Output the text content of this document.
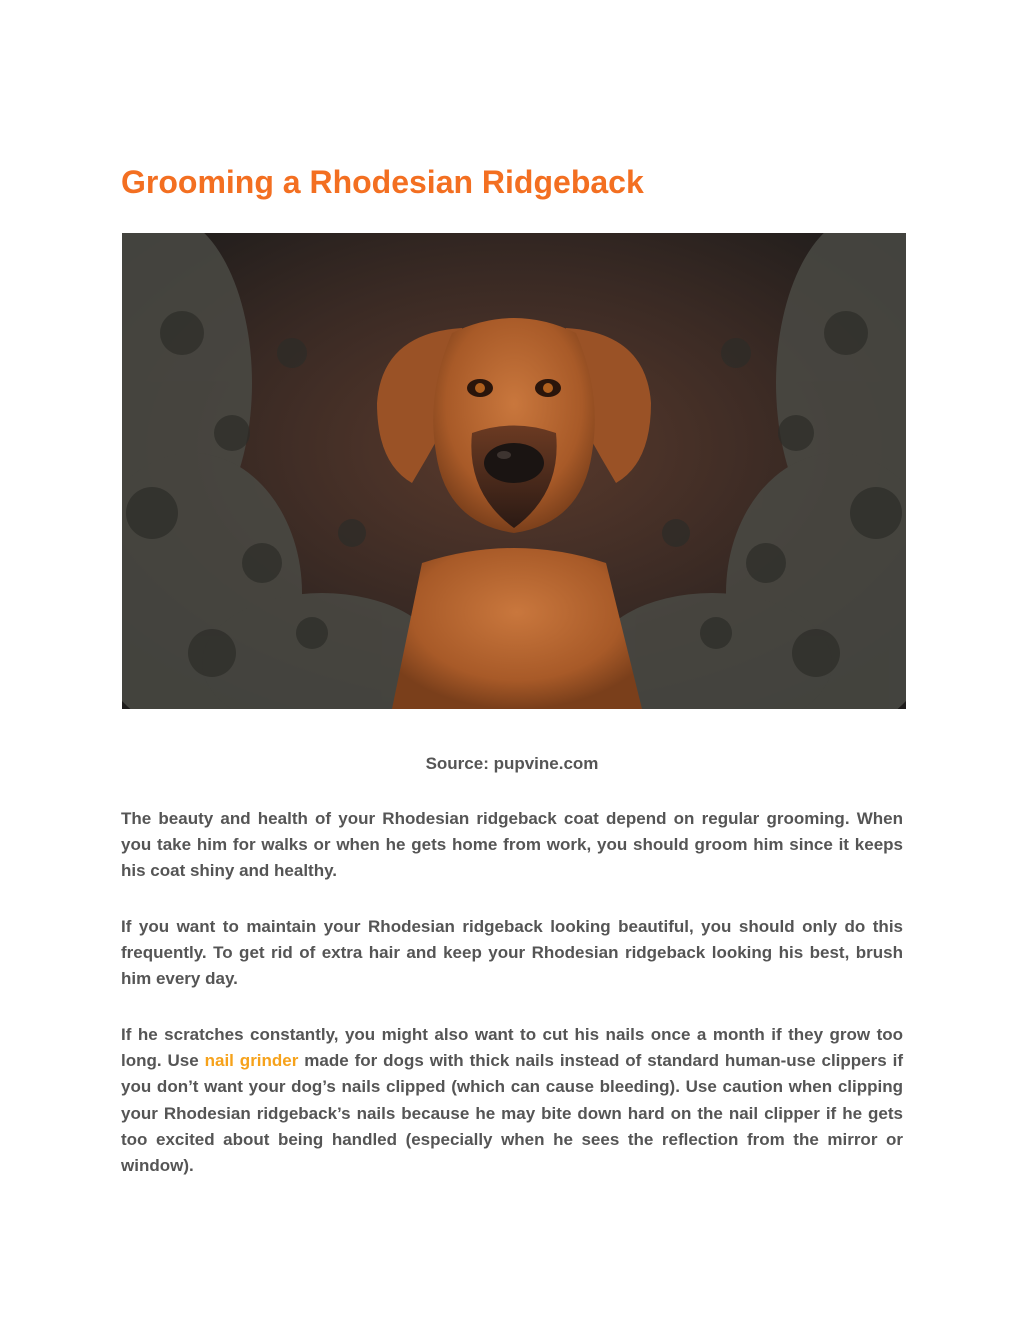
Grooming a Rhodesian Ridgeback
Source: pupvine.com

The beauty and health of your Rhodesian ridgeback coat depend on regular grooming. When you take him for walks or when he gets home from work, you should groom him since it keeps his coat shiny and healthy.

If you want to maintain your Rhodesian ridgeback looking beautiful, you should only do this frequently. To get rid of extra hair and keep your Rhodesian ridgeback looking his best, brush him every day.

If he scratches constantly, you might also want to cut his nails once a month if they grow too long. Use nail grinder made for dogs with thick nails instead of standard human-use clippers if you don’t want your dog’s nails clipped (which can cause bleeding). Use caution when clipping your Rhodesian ridgeback’s nails because he may bite down hard on the nail clipper if he gets too excited about being handled (especially when he sees the reflection from the mirror or window).
